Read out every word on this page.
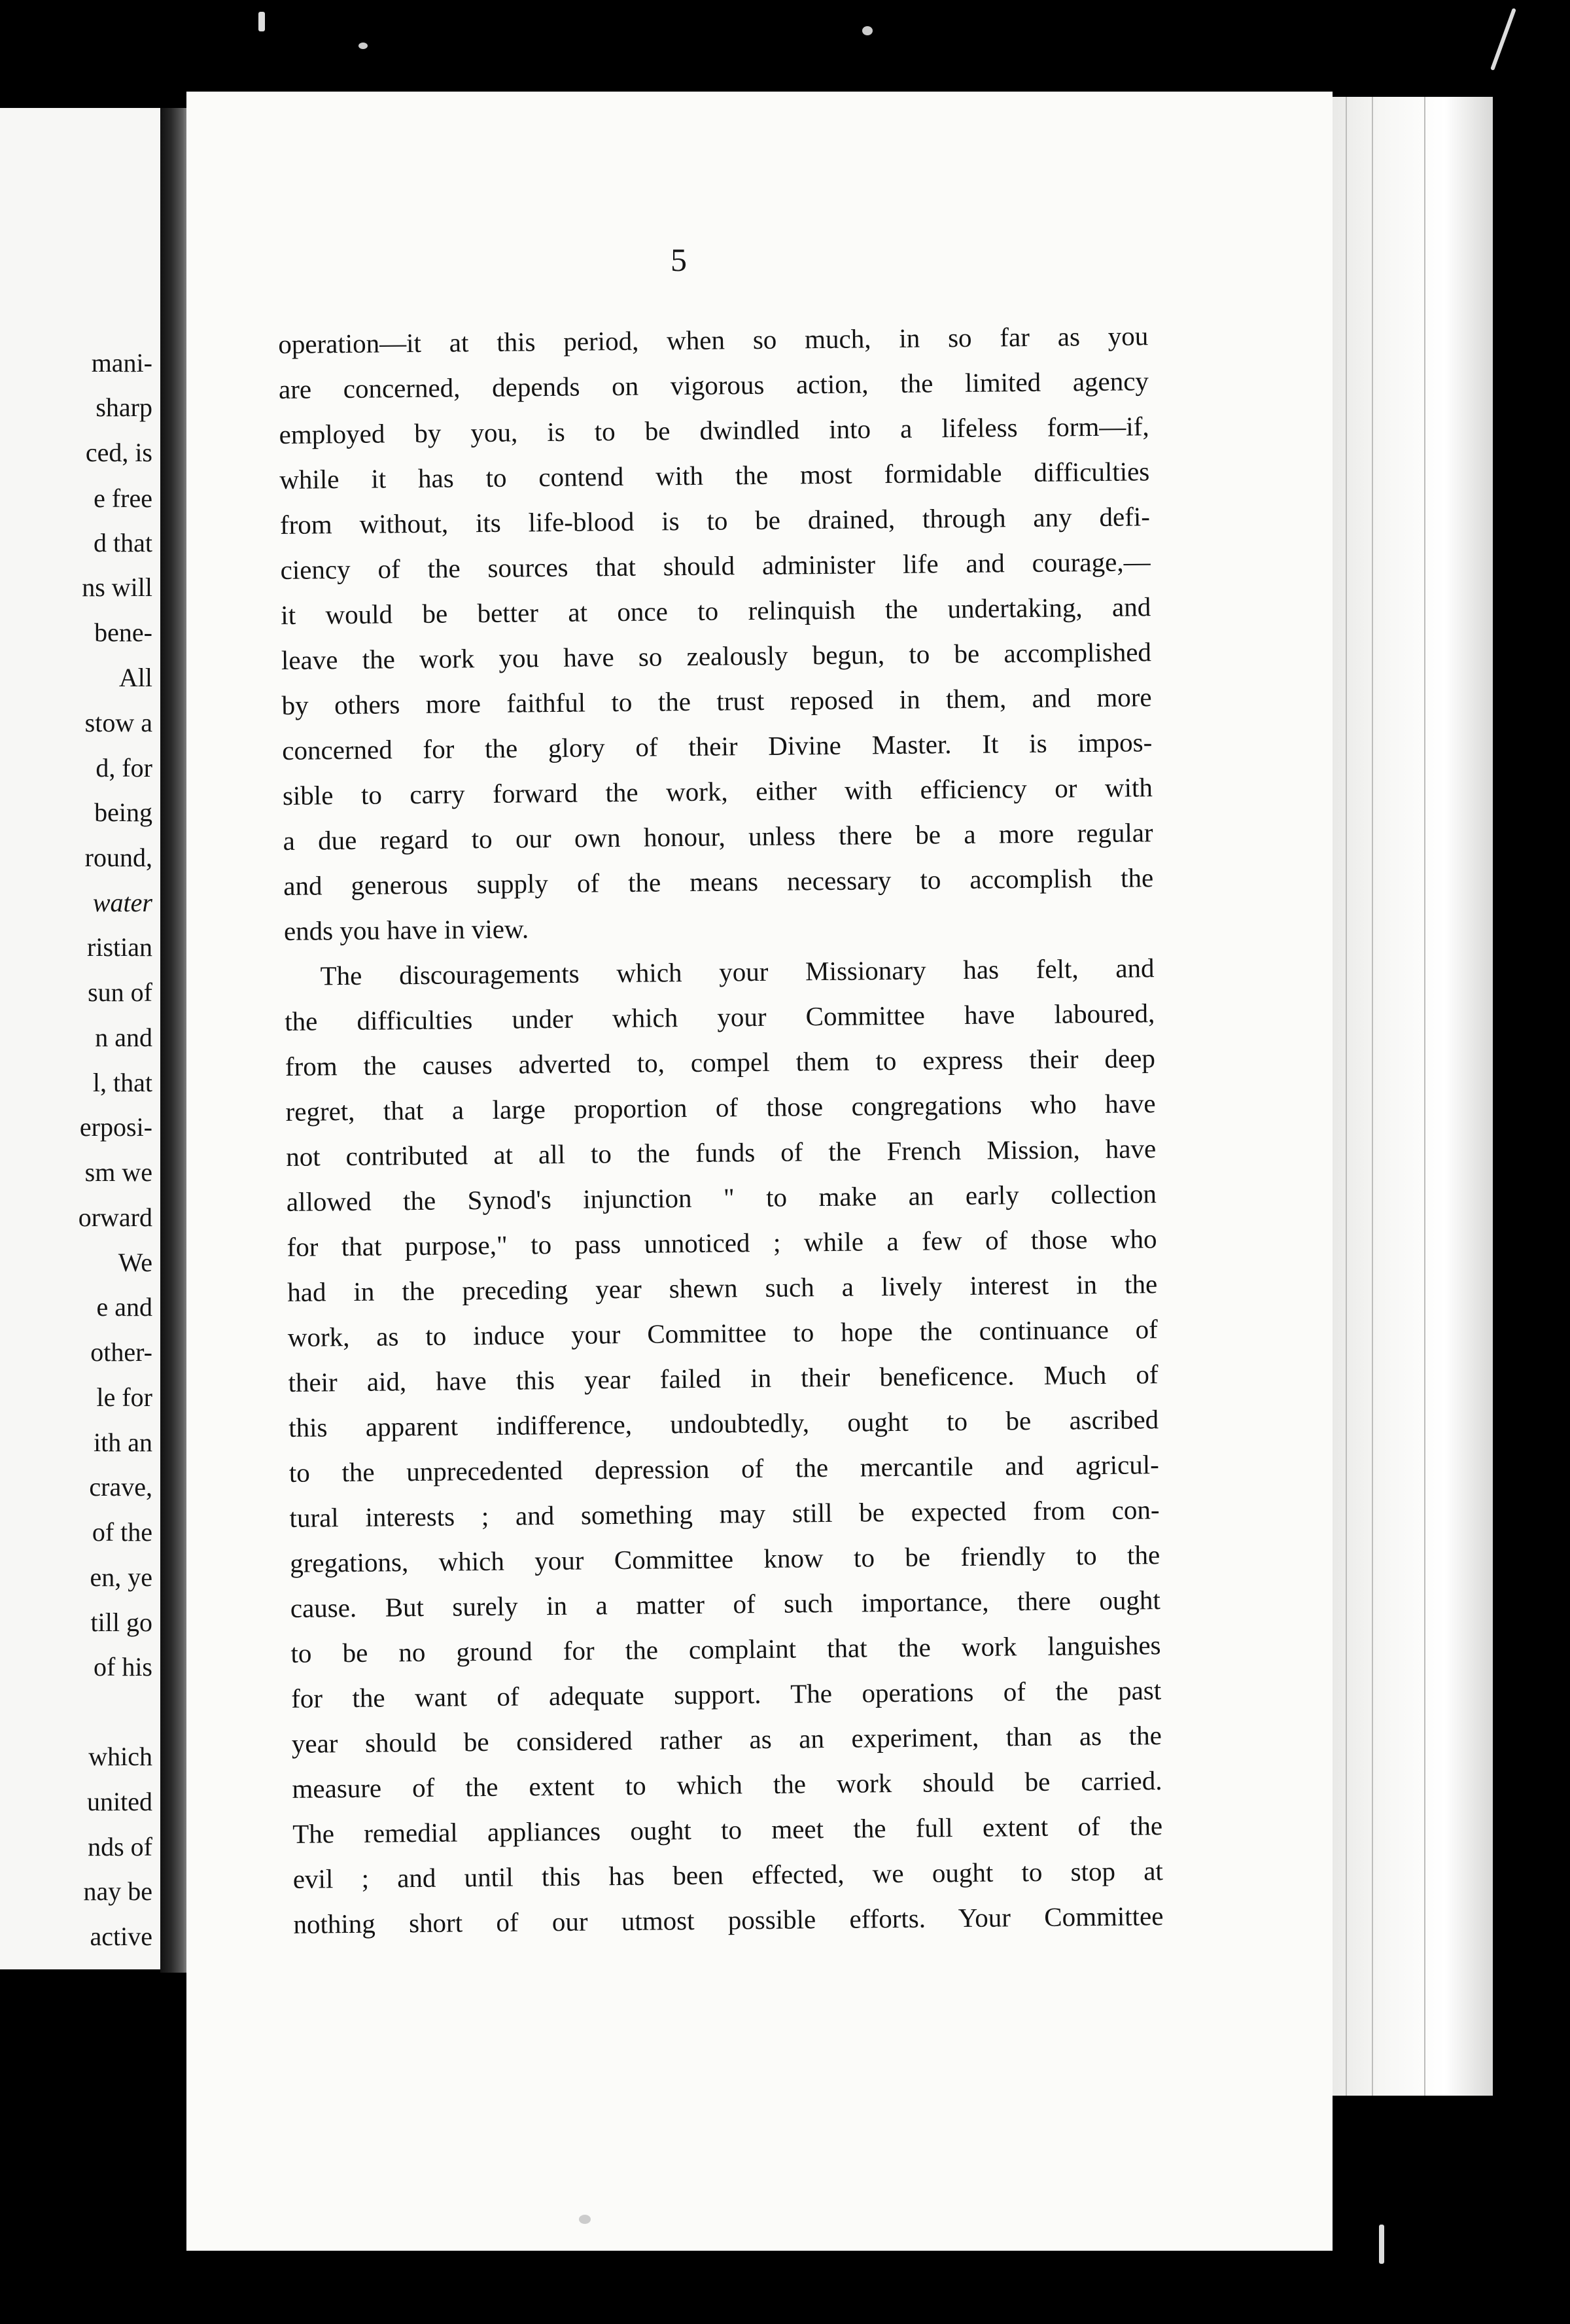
mani-
sharp
ced, is
e free
d that
ns will
bene-
All
stow a
d, for
being
round,
water
ristian
sun of
n and
l, that
erposi-
sm we
orward
We
e and
other-
le for
ith an
crave,
of the
en, ye
till go
of his
which
united
nds of
nay be
active
5
operation—it at this period, when so much, in so far as you
are concerned, depends on vigorous action, the limited agency
employed by you, is to be dwindled into a lifeless form—if,
while it has to contend with the most formidable difficulties
from without, its life-blood is to be drained, through any defi-
ciency of the sources that should administer life and courage,—
it would be better at once to relinquish the undertaking, and
leave the work you have so zealously begun, to be accomplished
by others more faithful to the trust reposed in them, and more
concerned for the glory of their Divine Master. It is impos-
sible to carry forward the work, either with efficiency or with
a due regard to our own honour, unless there be a more regular
and generous supply of the means necessary to accomplish the
ends you have in view.
The discouragements which your Missionary has felt, and
the difficulties under which your Committee have laboured,
from the causes adverted to, compel them to express their deep
regret, that a large proportion of those congregations who have
not contributed at all to the funds of the French Mission, have
allowed the Synod's injunction " to make an early collection
for that purpose," to pass unnoticed ; while a few of those who
had in the preceding year shewn such a lively interest in the
work, as to induce your Committee to hope the continuance of
their aid, have this year failed in their beneficence. Much of
this apparent indifference, undoubtedly, ought to be ascribed
to the unprecedented depression of the mercantile and agricul-
tural interests ; and something may still be expected from con-
gregations, which your Committee know to be friendly to the
cause. But surely in a matter of such importance, there ought
to be no ground for the complaint that the work languishes
for the want of adequate support. The operations of the past
year should be considered rather as an experiment, than as the
measure of the extent to which the work should be carried.
The remedial appliances ought to meet the full extent of the
evil ; and until this has been effected, we ought to stop at
nothing short of our utmost possible efforts. Your Committee
